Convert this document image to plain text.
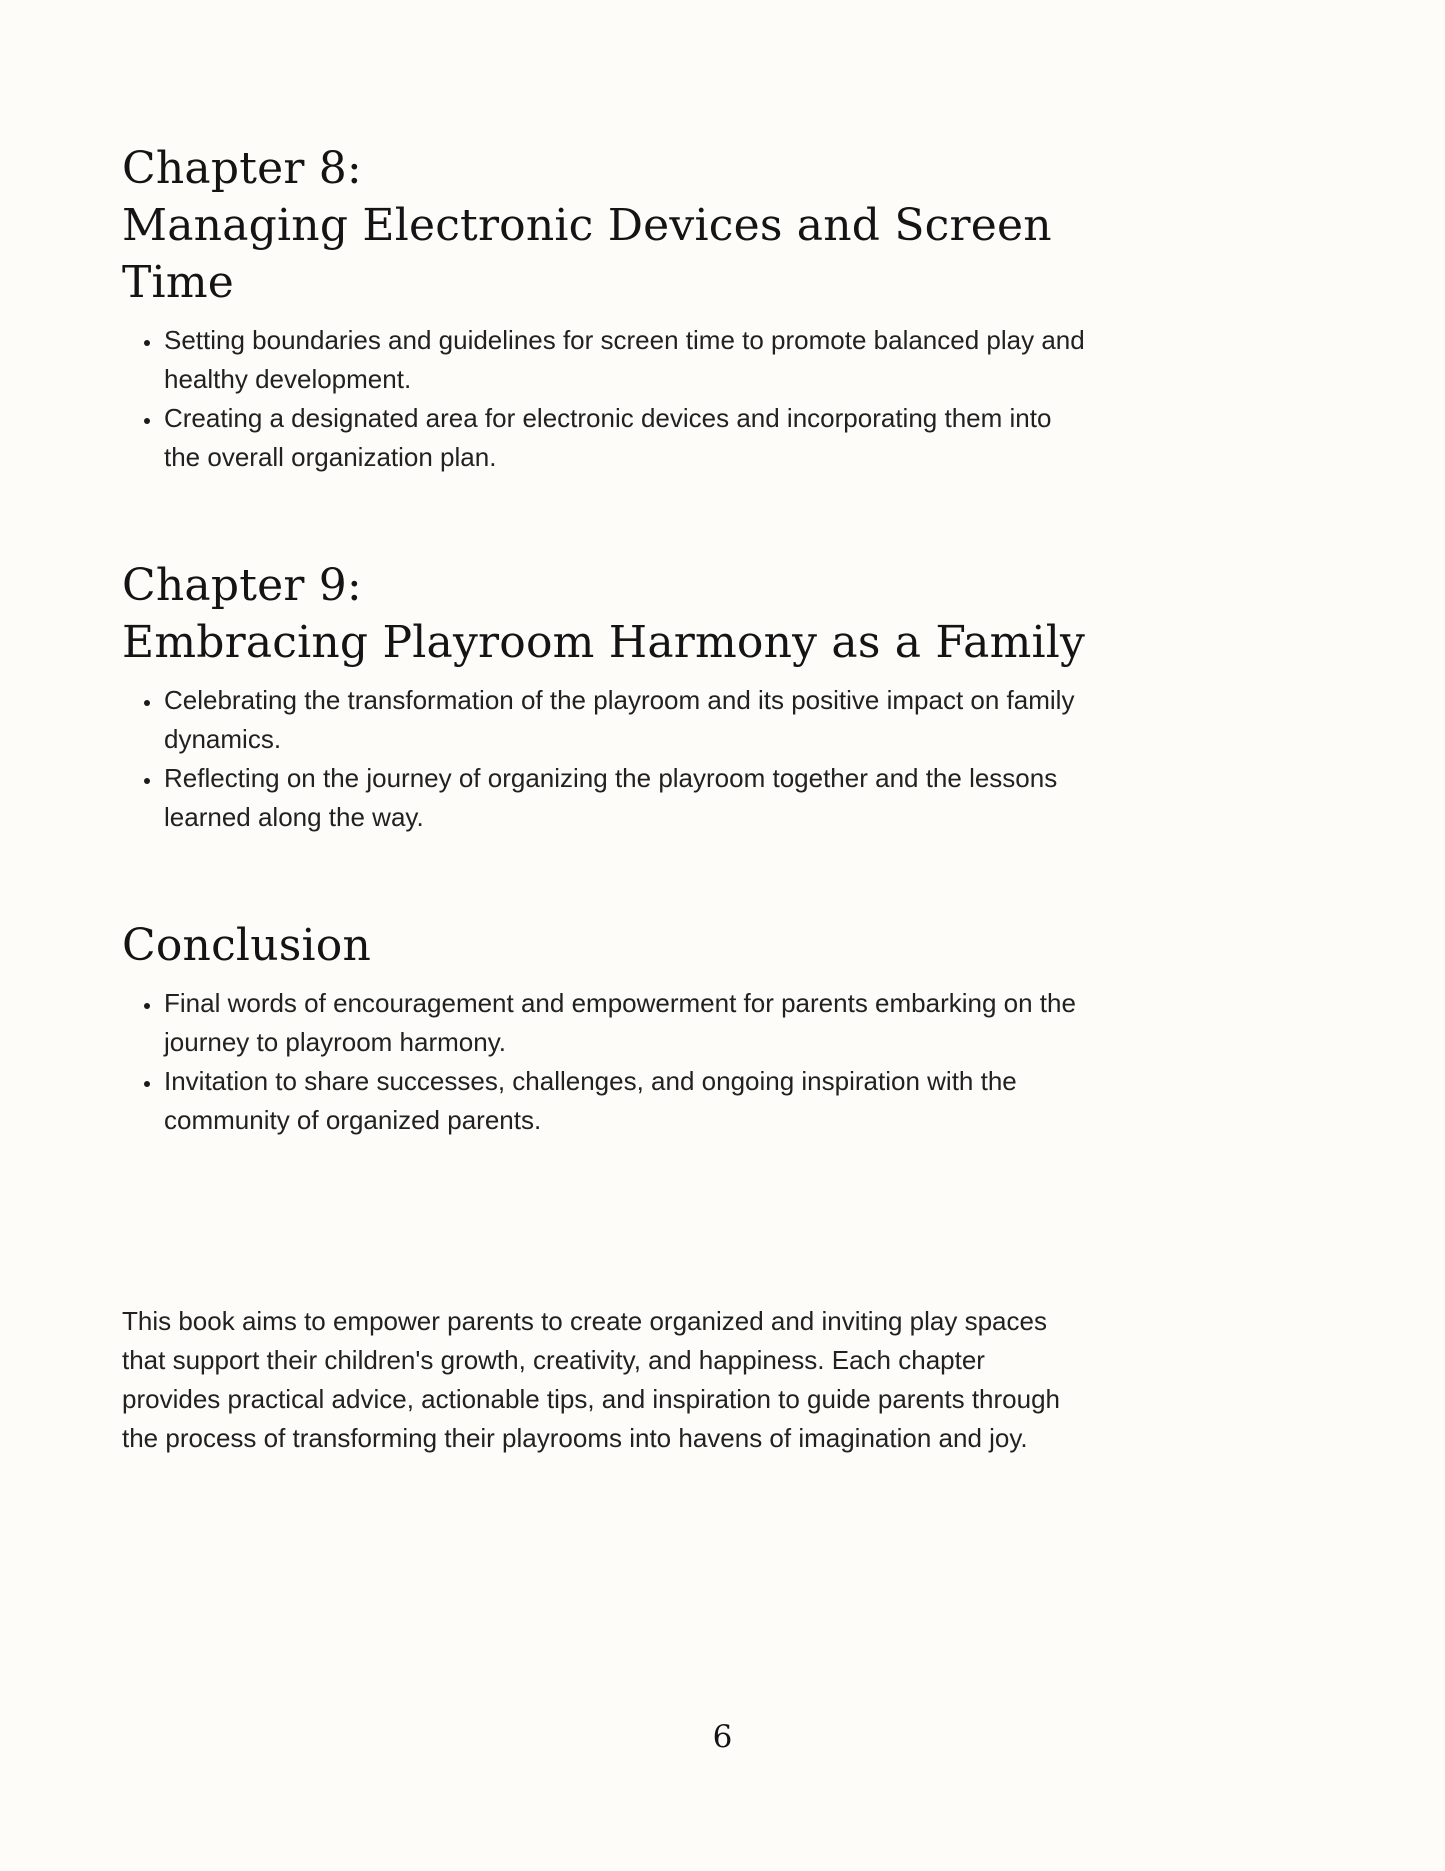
Chapter 8:
Managing Electronic Devices and Screen Time
• Setting boundaries and guidelines for screen time to promote balanced play and healthy development.
• Creating a designated area for electronic devices and incorporating them into the overall organization plan.
Chapter 9:
Embracing Playroom Harmony as a Family
• Celebrating the transformation of the playroom and its positive impact on family dynamics.
• Reflecting on the journey of organizing the playroom together and the lessons learned along the way.
Conclusion
• Final words of encouragement and empowerment for parents embarking on the journey to playroom harmony.
• Invitation to share successes, challenges, and ongoing inspiration with the community of organized parents.

This book aims to empower parents to create organized and inviting play spaces that support their children's growth, creativity, and happiness. Each chapter provides practical advice, actionable tips, and inspiration to guide parents through the process of transforming their playrooms into havens of imagination and joy.

6
